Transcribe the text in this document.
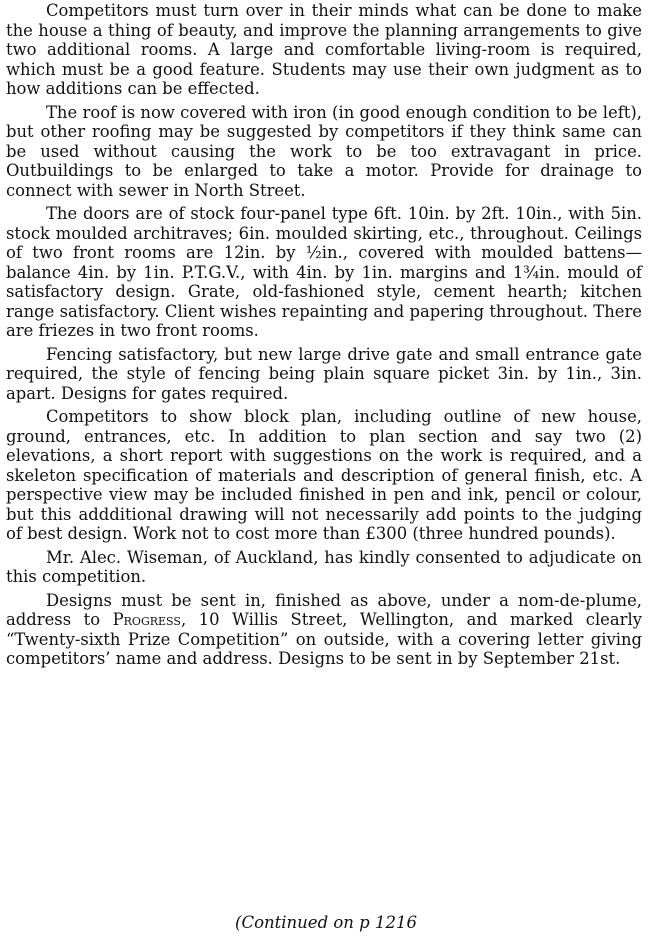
Competitors must turn over in their minds what can be done to make the house a thing of beauty, and improve the planning arrangements to give two additional rooms. A large and comfortable living-room is required, which must be a good feature. Students may use their own judgment as to how additions can be effected.

The roof is now covered with iron (in good enough condition to be left), but other roofing may be suggested by competitors if they think same can be used without causing the work to be too extravagant in price. Outbuildings to be enlarged to take a motor. Provide for drainage to connect with sewer in North Street.

The doors are of stock four-panel type 6ft. 10in. by 2ft. 10in., with 5in. stock moulded architraves; 6in. moulded skirting, etc., throughout. Ceilings of two front rooms are 12in. by ½in., covered with moulded battens—balance 4in. by 1in. P.T.G.V., with 4in. by 1in. margins and 1¾in. mould of satisfactory design. Grate, old-fashioned style, cement hearth; kitchen range satisfactory. Client wishes repainting and papering throughout. There are friezes in two front rooms.

Fencing satisfactory, but new large drive gate and small entrance gate required, the style of fencing being plain square picket 3in. by 1in., 3in. apart. Designs for gates required.

Competitors to show block plan, including outline of new house, ground, entrances, etc. In addition to plan section and say two (2) elevations, a short report with suggestions on the work is required, and a skeleton specification of materials and description of general finish, etc. A perspective view may be included finished in pen and ink, pencil or colour, but this addditional drawing will not necessarily add points to the judging of best design. Work not to cost more than £300 (three hundred pounds).

Mr. Alec. Wiseman, of Auckland, has kindly consented to adjudicate on this competition.

Designs must be sent in, finished as above, under a nom-de-plume, address to Progress, 10 Willis Street, Wellington, and marked clearly “Twenty-sixth Prize Competition” on outside, with a covering letter giving competitors’ name and address. Designs to be sent in by September 21st.

(Continued on p 1216
